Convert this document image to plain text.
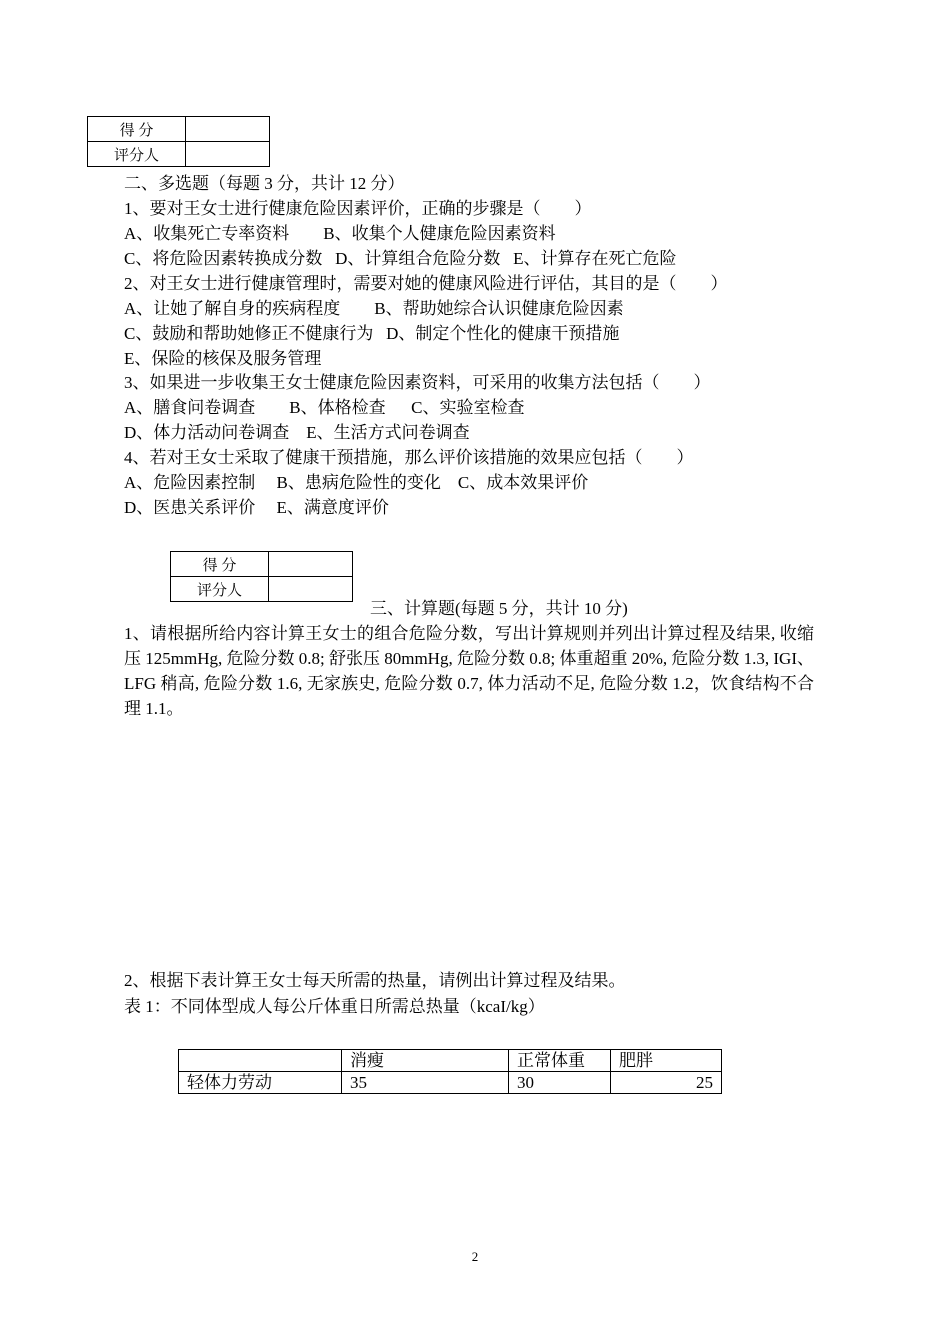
得 分	
评分人	
二、多选题（每题 3 分，共计 12 分）
1、要对王女士进行健康危险因素评价，正确的步骤是（        ）
A、收集死亡专率资料        B、收集个人健康危险因素资料
C、将危险因素转换成分数   D、计算组合危险分数   E、计算存在死亡危险
2、对王女士进行健康管理时，需要对她的健康风险进行评估，其目的是（        ）
A、让她了解自身的疾病程度        B、帮助她综合认识健康危险因素
C、鼓励和帮助她修正不健康行为   D、制定个性化的健康干预措施
E、保险的核保及服务管理
3、如果进一步收集王女士健康危险因素资料，可采用的收集方法包括（        ）
A、膳食问卷调查        B、体格检查      C、实验室检查
D、体力活动问卷调查    E、生活方式问卷调查
4、若对王女士采取了健康干预措施，那么评价该措施的效果应包括（        ）
A、危险因素控制     B、患病危险性的变化    C、成本效果评价
D、医患关系评价     E、满意度评价
得 分	
评分人	
三、计算题(每题 5 分，共计 10 分)
1、请根据所给内容计算王女士的组合危险分数，写出计算规则并列出计算过程及结果, 收缩压 125mmHg, 危险分数 0.8; 舒张压 80mmHg, 危险分数 0.8; 体重超重 20%, 危险分数 1.3, IGI、LFG 稍高, 危险分数 1.6, 无家族史, 危险分数 0.7, 体力活动不足, 危险分数 1.2，饮食结构不合理 1.1。
2、根据下表计算王女士每天所需的热量，请例出计算过程及结果。
表 1：不同体型成人每公斤体重日所需总热量（kcaI/kg）
	消瘦	正常体重	肥胖
轻体力劳动	35	30	25
2
